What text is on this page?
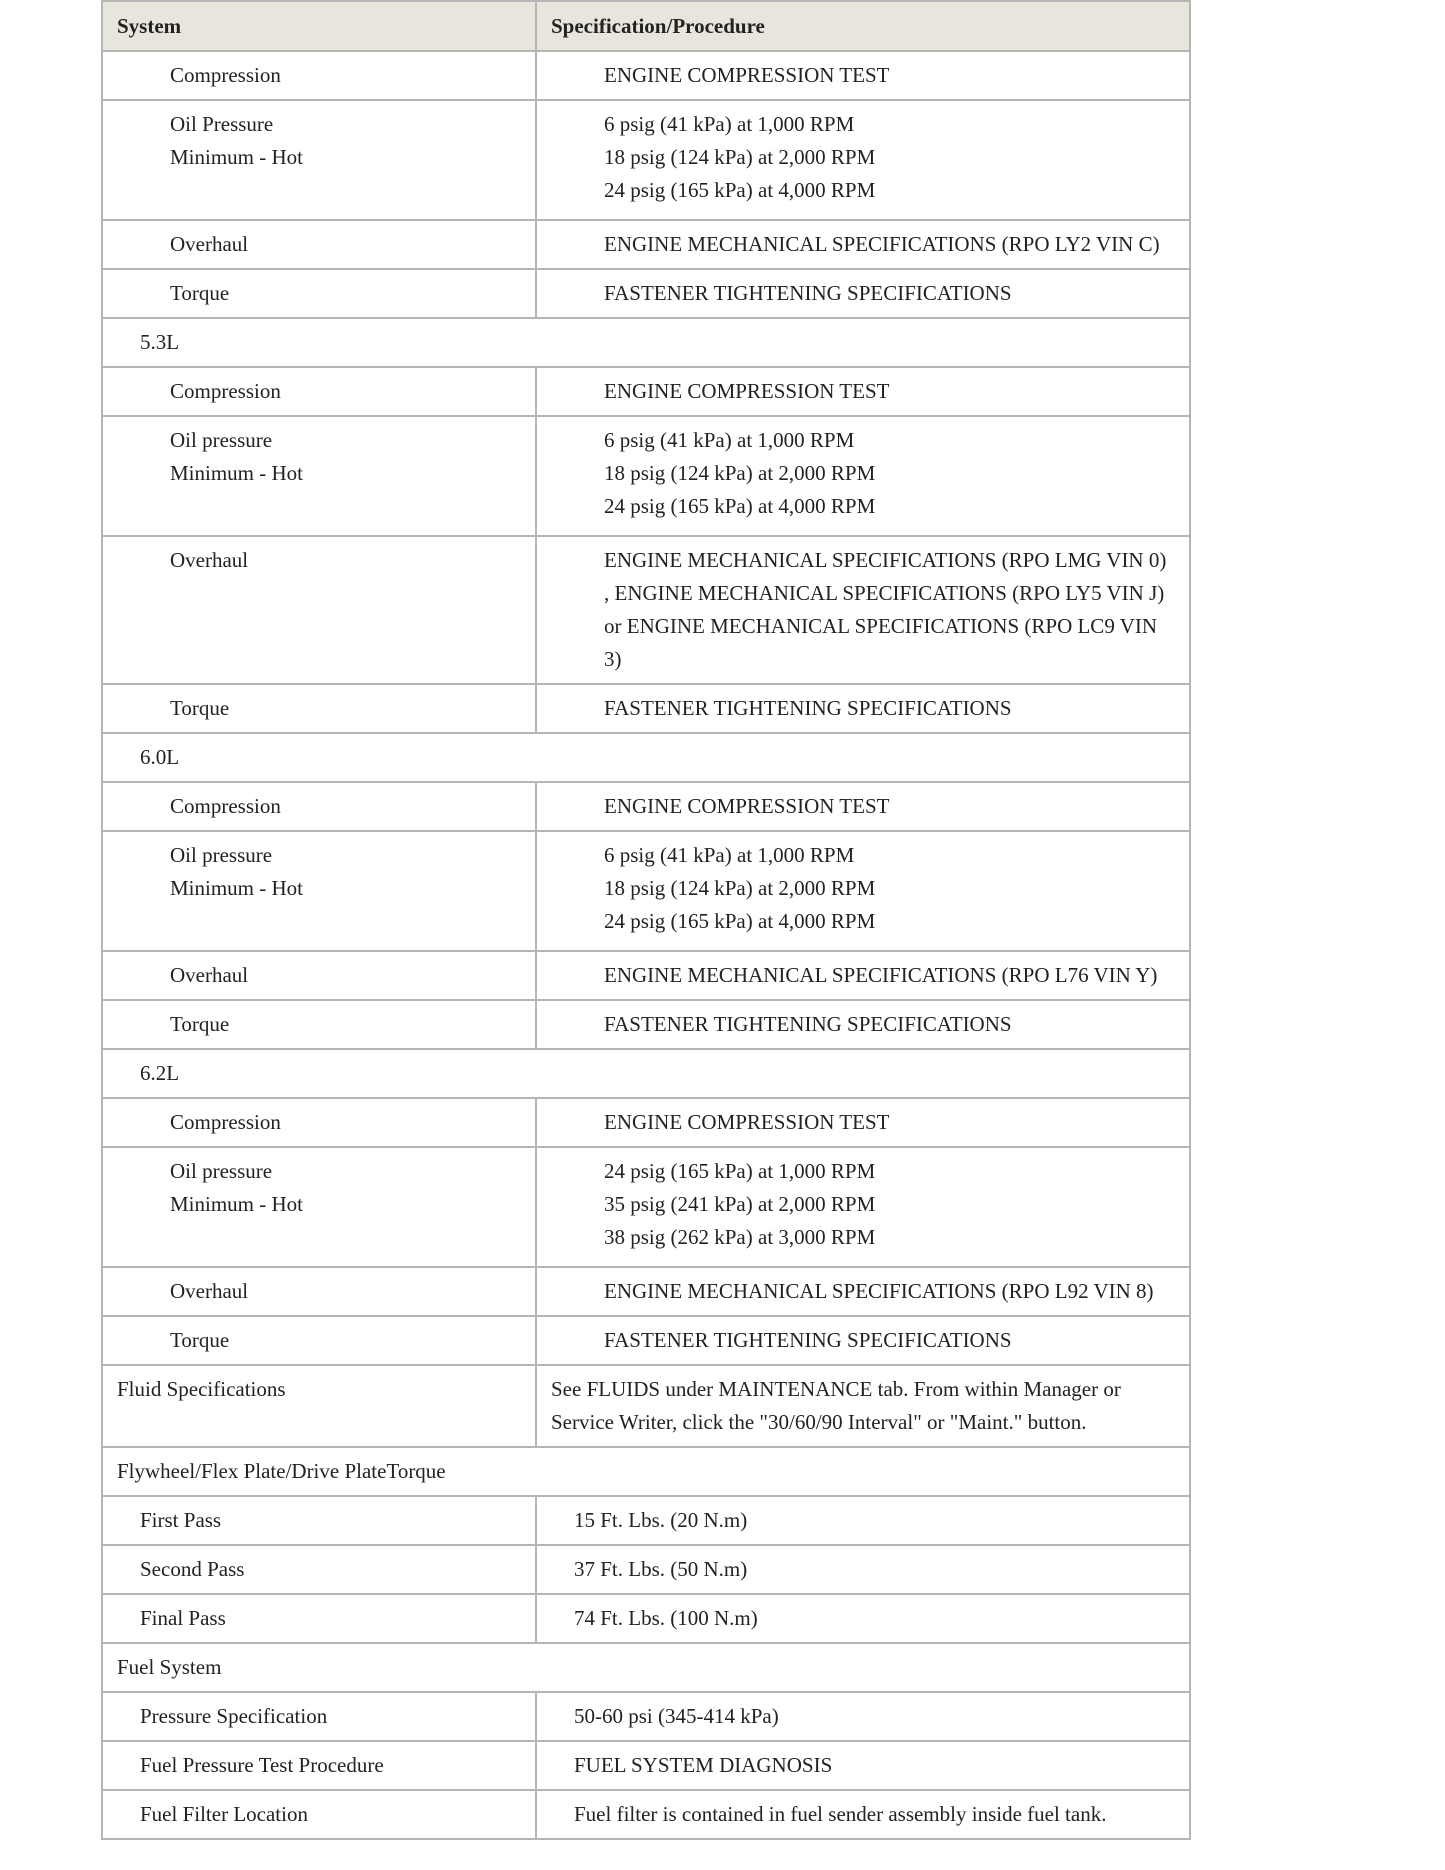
System	Specification/Procedure
Compression	ENGINE COMPRESSION TEST

Oil Pressure
Minimum - Hot	6 psig (41 kPa) at 1,000 RPM
18 psig (124 kPa) at 2,000 RPM
24 psig (165 kPa) at 4,000 RPM

Overhaul	ENGINE MECHANICAL SPECIFICATIONS (RPO LY2 VIN C)
Torque	FASTENER TIGHTENING SPECIFICATIONS
5.3L	
Compression	ENGINE COMPRESSION TEST

Oil pressure
Minimum - Hot	6 psig (41 kPa) at 1,000 RPM
18 psig (124 kPa) at 2,000 RPM
24 psig (165 kPa) at 4,000 RPM

Overhaul	ENGINE MECHANICAL SPECIFICATIONS (RPO LMG VIN 0) , ENGINE MECHANICAL SPECIFICATIONS (RPO LY5 VIN J) or ENGINE MECHANICAL SPECIFICATIONS (RPO LC9 VIN 3)
Torque	FASTENER TIGHTENING SPECIFICATIONS
6.0L	
Compression	ENGINE COMPRESSION TEST

Oil pressure
Minimum - Hot	6 psig (41 kPa) at 1,000 RPM
18 psig (124 kPa) at 2,000 RPM
24 psig (165 kPa) at 4,000 RPM

Overhaul	ENGINE MECHANICAL SPECIFICATIONS (RPO L76 VIN Y)
Torque	FASTENER TIGHTENING SPECIFICATIONS
6.2L	
Compression	ENGINE COMPRESSION TEST

Oil pressure
Minimum - Hot	24 psig (165 kPa) at 1,000 RPM
35 psig (241 kPa) at 2,000 RPM
38 psig (262 kPa) at 3,000 RPM

Overhaul	ENGINE MECHANICAL SPECIFICATIONS (RPO L92 VIN 8)
Torque	FASTENER TIGHTENING SPECIFICATIONS
Fluid Specifications	See FLUIDS under MAINTENANCE tab. From within Manager or Service Writer, click the "30/60/90 Interval" or "Maint." button.
Flywheel/Flex Plate/Drive PlateTorque	
First Pass	15 Ft. Lbs. (20 N.m)
Second Pass	37 Ft. Lbs. (50 N.m)
Final Pass	74 Ft. Lbs. (100 N.m)
Fuel System	
Pressure Specification	50-60 psi (345-414 kPa)
Fuel Pressure Test Procedure	FUEL SYSTEM DIAGNOSIS
Fuel Filter Location	Fuel filter is contained in fuel sender assembly inside fuel tank.
